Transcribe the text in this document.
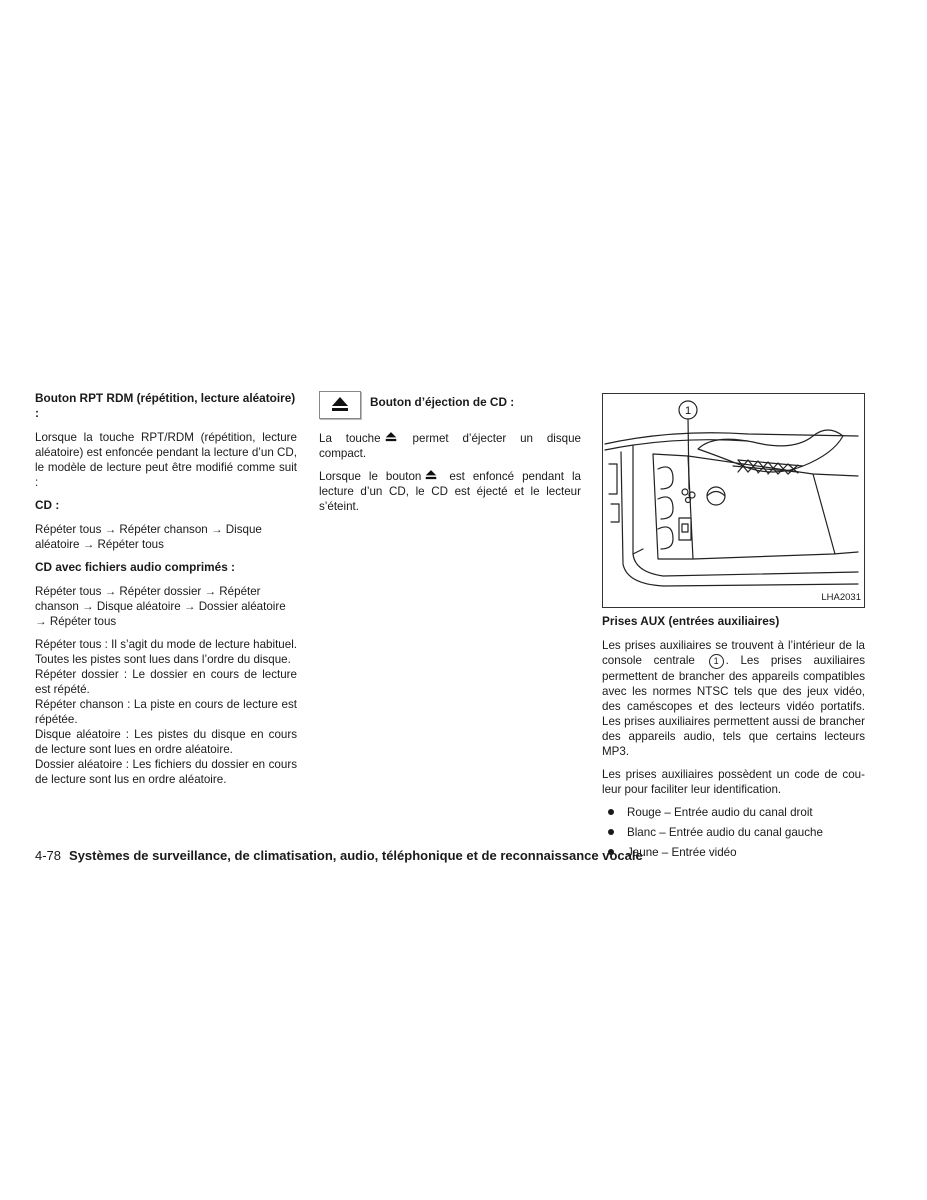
Bouton RPT RDM (répétition, lecture aléatoire) :

Lorsque la touche RPT/RDM (répétition, lecture aléatoire) est enfoncée pendant la lecture d’un CD, le modèle de lecture peut être modifié comme suit :

CD :

Répéter tous → Répéter chanson → Disque aléatoire → Répéter tous

CD avec fichiers audio comprimés :

Répéter tous → Répéter dossier → Répéter chanson → Disque aléatoire → Dossier aléatoire → Répéter tous

Répéter tous : Il s’agit du mode de lecture habituel. Toutes les pistes sont lues dans l’ordre du disque.

Répéter dossier : Le dossier en cours de lecture est répété.

Répéter chanson : La piste en cours de lecture est répétée.

Disque aléatoire : Les pistes du disque en cours de lecture sont lues en ordre aléatoire.

Dossier aléatoire : Les fichiers du dossier en cours de lecture sont lus en ordre aléatoire.

Bouton d’éjection de CD :

La touche	permet d’éjecter un disque compact.

Lorsque le bouton est enfoncé pendant la lecture d’un CD, le CD est éjecté et le lecteur s’éteint.

1
LHA2031
Prises AUX (entrées auxiliaires)

Les prises auxiliaires se trouvent à l’intérieur de la console centrale 1 . Les prises auxiliaires permettent de brancher des appareils compatibles avec les normes NTSC tels que des jeux vidéo, des caméscopes et des lecteurs vidéo portatifs. Les prises auxiliaires permettent aussi de brancher des appareils audio, tels que certains lecteurs MP3.

Les prises auxiliaires possèdent un code de couleur pour faciliter leur identification.

Rouge – Entrée audio du canal droit
Blanc – Entrée audio du canal gauche
Jaune – Entrée vidéo
4-78 Systèmes de surveillance, de climatisation, audio, téléphonique et de reconnaissance vocale
